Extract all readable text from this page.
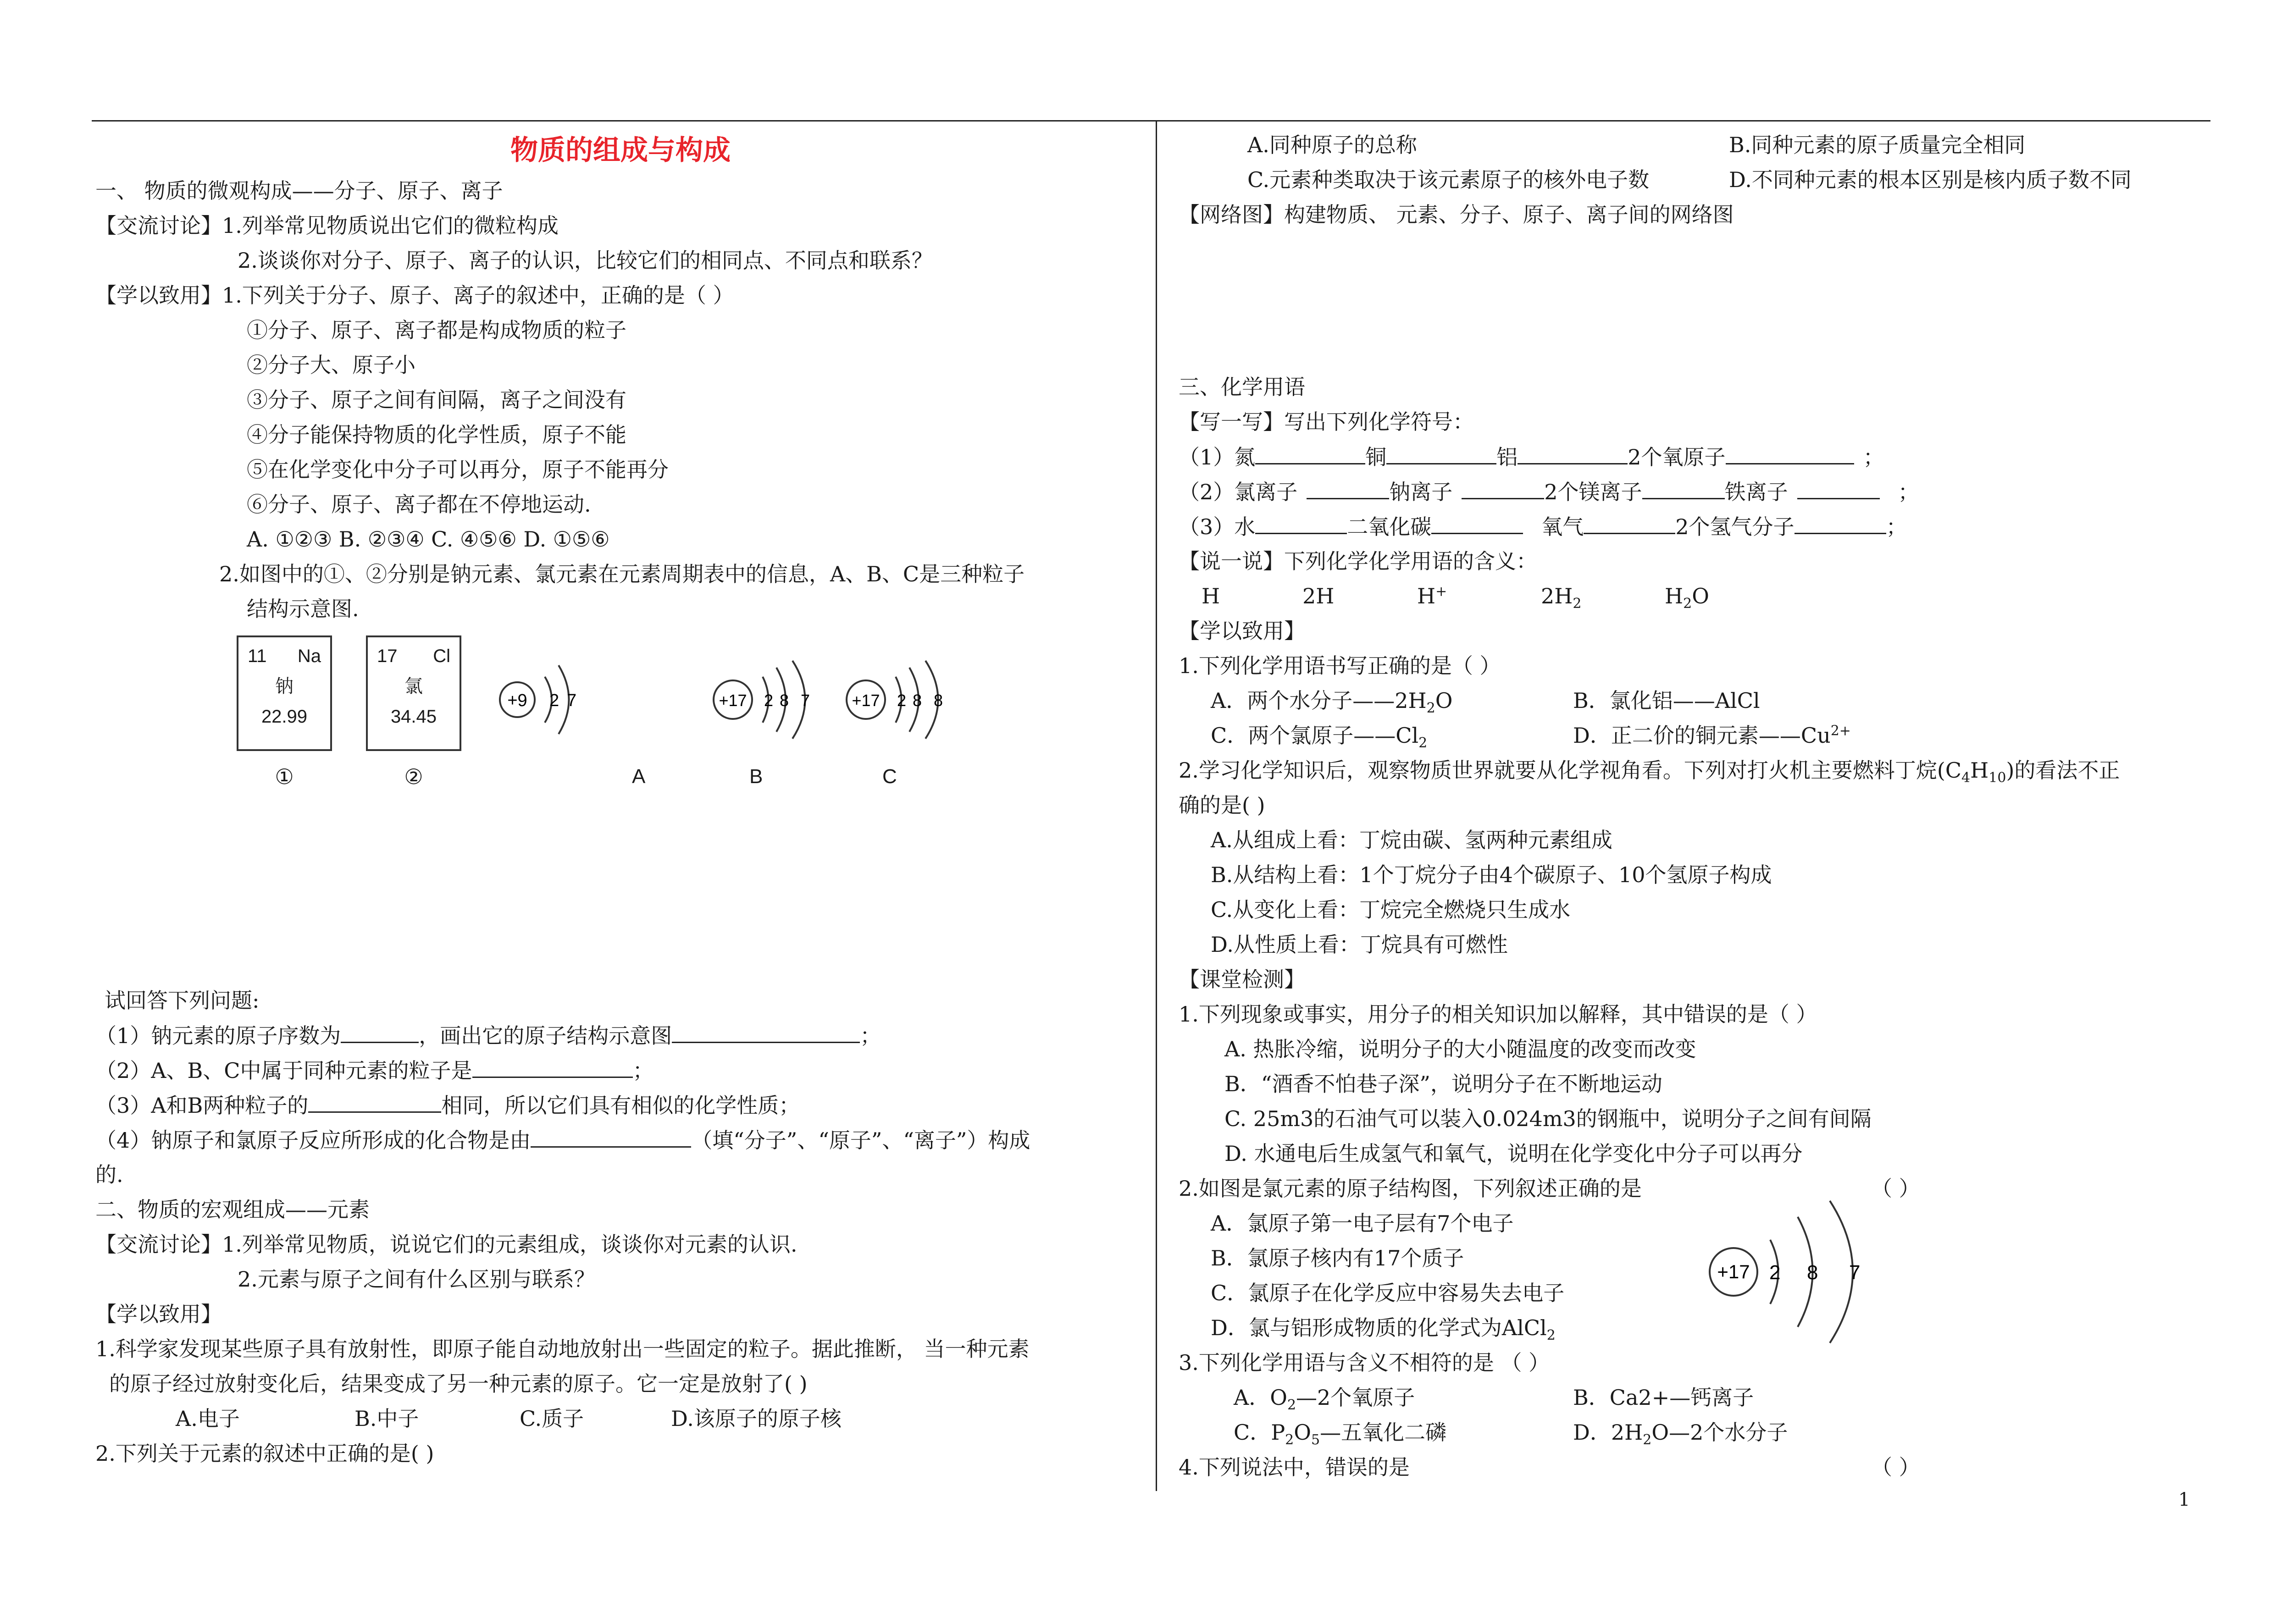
物质的组成与构成
一、 物质的微观构成——分子、原子、离子
【交流讨论】1.列举常见物质说出它们的微粒构成
2.谈谈你对分子、原子、离子的认识，比较它们的相同点、不同点和联系？
【学以致用】1.下列关于分子、原子、离子的叙述中，正确的是（ ）
①分子、原子、离子都是构成物质的粒子
②分子大、原子小
③分子、原子之间有间隔，离子之间没有
④分子能保持物质的化学性质，原子不能
⑤在化学变化中分子可以再分，原子不能再分
⑥分子、原子、离子都在不停地运动.
A. ①②③ B. ②③④ C. ④⑤⑥ D. ①⑤⑥
2.如图中的①、②分别是钠元素、氯元素在元素周期表中的信息，A、B、C是三种粒子
结构示意图.
11 Na
钠
22.99
①
17 Cl
氯
34.45
②
+9 2 7
A
+17 2 8 7
B
+17 2 8 8
C
试回答下列问题:
（1）钠元素的原子序数为	，画出它的原子结构示意图	；
（2）A、B、C中属于同种元素的粒子是	；
（3）A和B两种粒子的	相同，所以它们具有相似的化学性质；
（4）钠原子和氯原子反应所形成的化合物是由	（填“分子”、“原子”、“离子”）构成
的.
二、物质的宏观组成——元素
【交流讨论】1.列举常见物质，说说它们的元素组成，谈谈你对元素的认识.
2.元素与原子之间有什么区别与联系？
【学以致用】
1.科学家发现某些原子具有放射性，即原子能自动地放射出一些固定的粒子。据此推断， 当一种元素
的原子经过放射变化后，结果变成了另一种元素的原子。它一定是放射了( )
A.电子	B.中子	C.质子	D.该原子的原子核
2.下列关于元素的叙述中正确的是( )
A.同种原子的总称	B.同种元素的原子质量完全相同
C.元素种类取决于该元素原子的核外电子数	D.不同种元素的根本区别是核内质子数不同
【网络图】构建物质、 元素、分子、原子、离子间的网络图
三、化学用语
【写一写】写出下列化学符号：
（1）氮	铜	铝	2个氧原子	；
（2）氯离子	钠离子	2个镁离子	铁离子	；
（3）水	二氧化碳	氧气	2个氢气分子	；
【说一说】下列化学化学用语的含义：
H	2H	H+	$2H_2$	$H_2O$
【学以致用】
1.下列化学用语书写正确的是（ ）
A．两个水分子$——2H_2O$	B．氯化铝——AlCl
C．两个氯原子$——Cl_2$	D．正二价的铜元素$——Cu^{2+}$
2.学习化学知识后，观察物质世界就要从化学视角看。下列对打火机主要燃料丁烷$(C_4H_{10})$的看法不正
确的是( )
A.从组成上看：丁烷由碳、氢两种元素组成
B.从结构上看：1个丁烷分子由4个碳原子、10个氢原子构成
C.从变化上看：丁烷完全燃烧只生成水
D.从性质上看：丁烷具有可燃性
【课堂检测】
1.下列现象或事实，用分子的相关知识加以解释，其中错误的是（ ）
A. 热胀冷缩，说明分子的大小随温度的改变而改变
B．“酒香不怕巷子深”，说明分子在不断地运动
C. 25m3的石油气可以装入0.024m3的钢瓶中，说明分子之间有间隔
D. 水通电后生成氢气和氧气，说明在化学变化中分子可以再分
2.如图是氯元素的原子结构图，下列叙述正确的是	（ ）
A．氯原子第一电子层有7个电子
B．氯原子核内有17个质子
C．氯原子在化学反应中容易失去电子
D．氯与铝形成物质的化学式为AlCl$_2$
+17 2 8 7
3.下列化学用语与含义不相符的是 （ ）
A．$O_2—2$个氧原子	B．Ca2+—钙离子
C．$P_2O_5—$五氧化二磷	D．$2H_2O—2$个水分子
4.下列说法中，错误的是	（ ）
1
